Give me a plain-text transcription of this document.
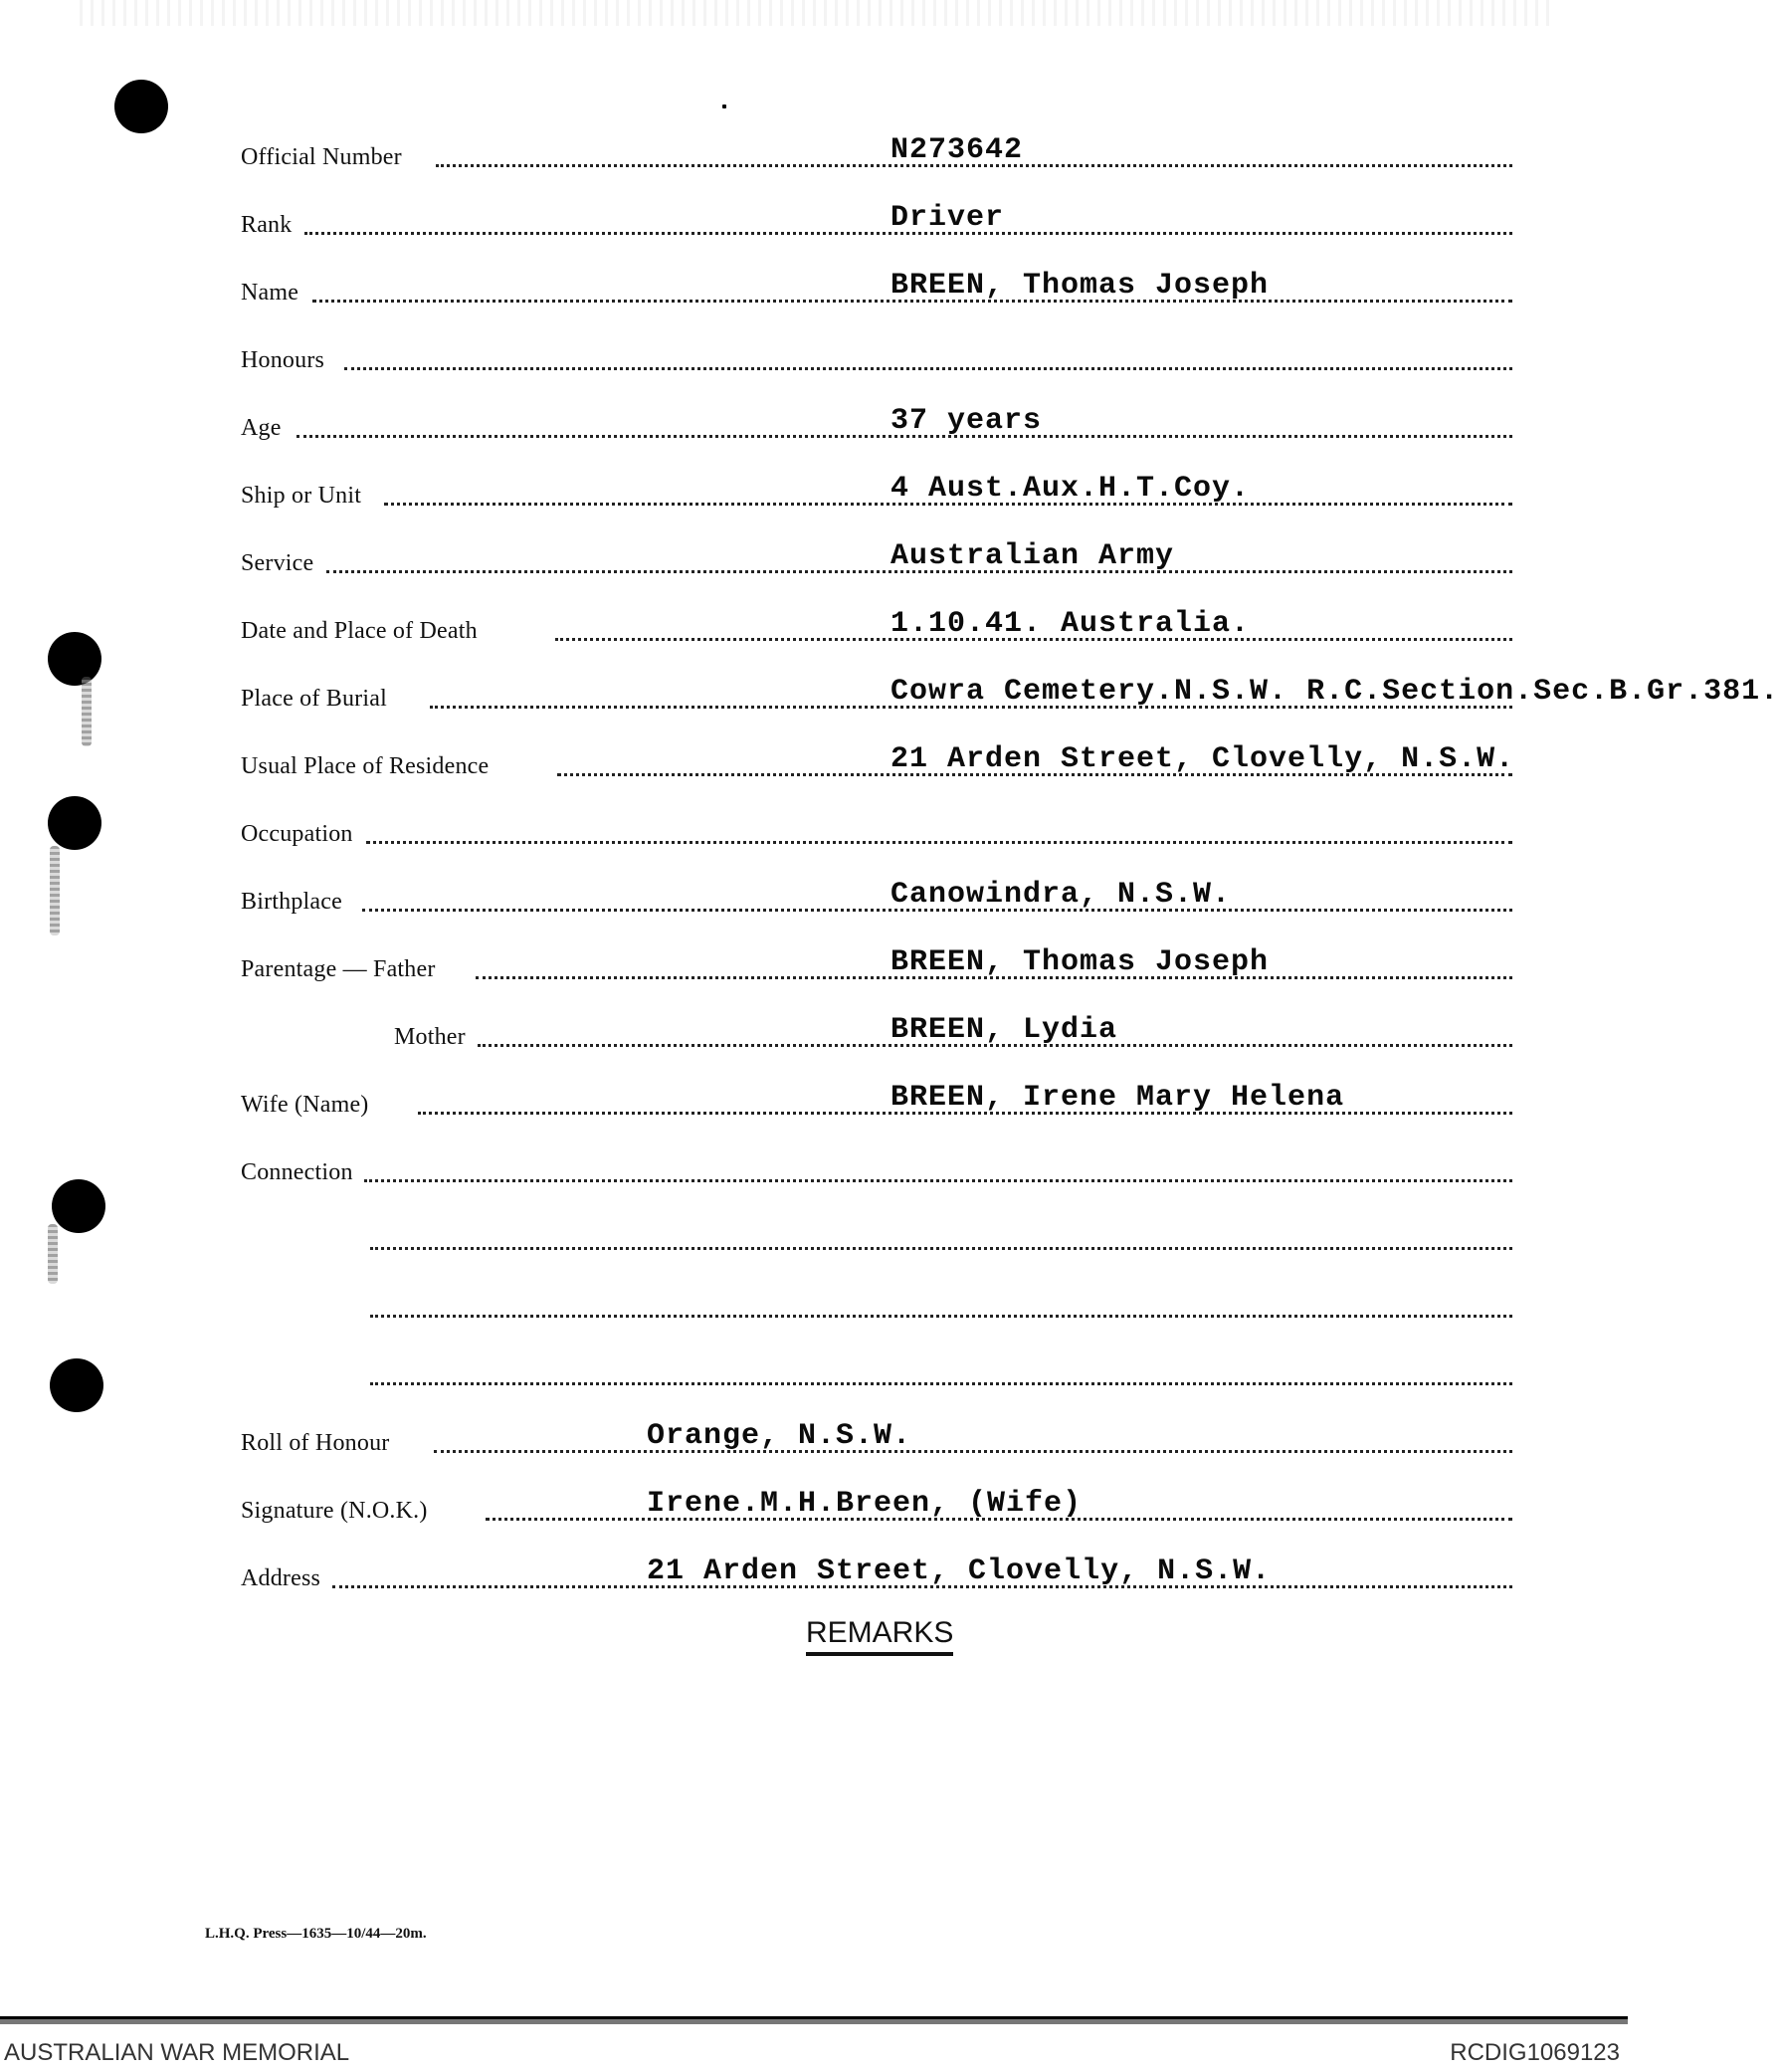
Official Number	N273642
Rank	Driver
Name	BREEN, Thomas Joseph
Honours
Age	37 years
Ship or Unit	4 Aust.Aux.H.T.Coy.
Service	Australian Army
Date and Place of Death	1.10.41. Australia.
Place of Burial	Cowra Cemetery.N.S.W. R.C.Section.Sec.B.Gr.381.
Usual Place of Residence	21 Arden Street, Clovelly, N.S.W.
Occupation
Birthplace	Canowindra, N.S.W.
Parentage — Father	BREEN, Thomas Joseph
Mother	BREEN, Lydia
Wife (Name)	BREEN, Irene Mary Helena
Connection
Roll of Honour	Orange, N.S.W.
Signature (N.O.K.)	Irene.M.H.Breen, (Wife)
Address	21 Arden Street, Clovelly, N.S.W.
REMARKS
L.H.Q. Press—1635—10/44—20m.
AUSTRALIAN WAR MEMORIAL	RCDIG1069123
